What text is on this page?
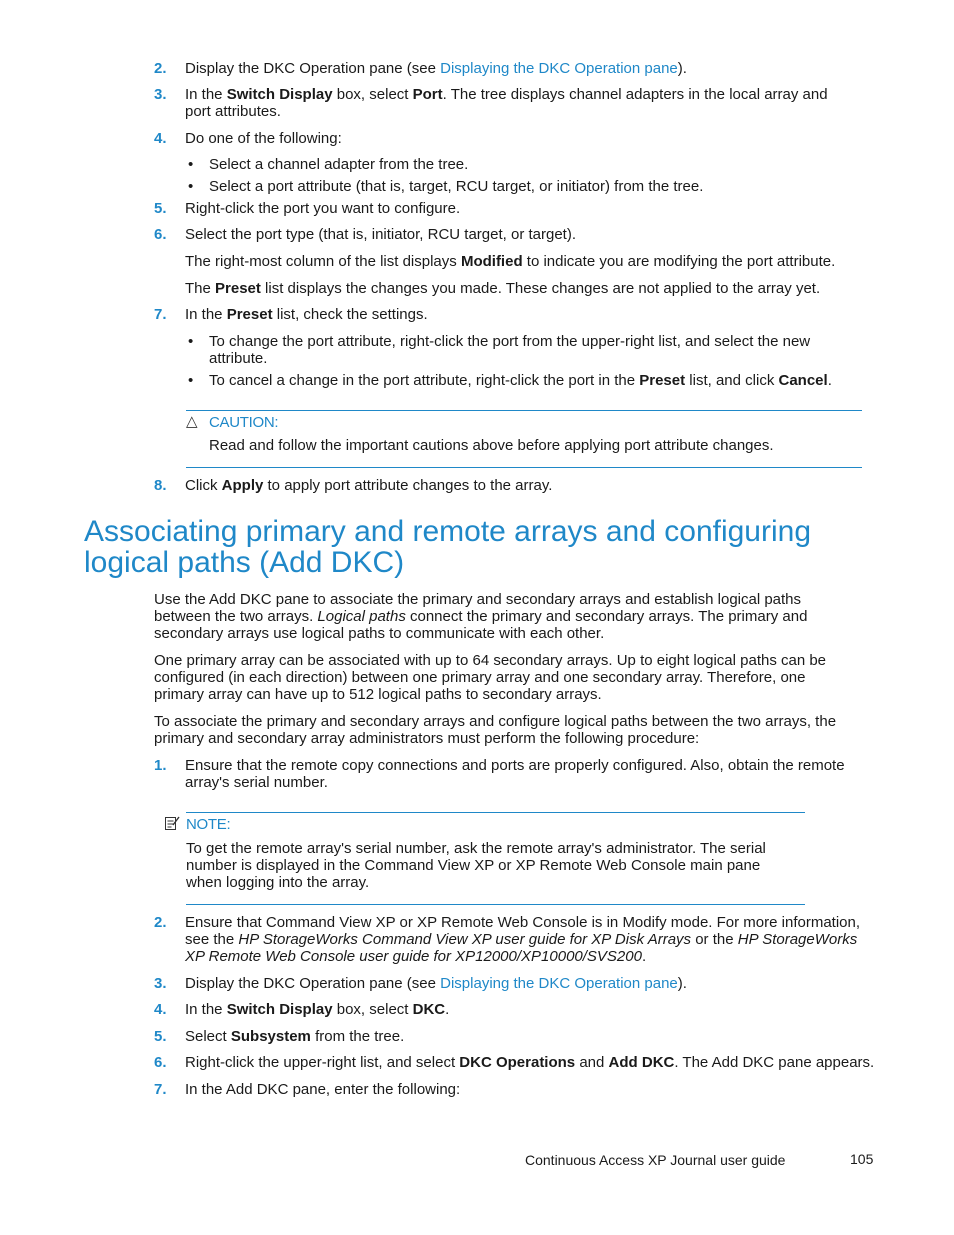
2. Display the DKC Operation pane (see Displaying the DKC Operation pane).
3. In the Switch Display box, select Port. The tree displays channel adapters in the local array and port attributes.
4. Do one of the following:
• Select a channel adapter from the tree.
• Select a port attribute (that is, target, RCU target, or initiator) from the tree.
5. Right-click the port you want to configure.
6. Select the port type (that is, initiator, RCU target, or target).
The right-most column of the list displays Modified to indicate you are modifying the port attribute.
The Preset list displays the changes you made. These changes are not applied to the array yet.
7. In the Preset list, check the settings.
• To change the port attribute, right-click the port from the upper-right list, and select the new attribute.
• To cancel a change in the port attribute, right-click the port in the Preset list, and click Cancel.
△ CAUTION:
Read and follow the important cautions above before applying port attribute changes.
8. Click Apply to apply port attribute changes to the array.
Associating primary and remote arrays and configuring logical paths (Add DKC)
Use the Add DKC pane to associate the primary and secondary arrays and establish logical paths between the two arrays. Logical paths connect the primary and secondary arrays. The primary and secondary arrays use logical paths to communicate with each other.
One primary array can be associated with up to 64 secondary arrays. Up to eight logical paths can be configured (in each direction) between one primary array and one secondary array. Therefore, one primary array can have up to 512 logical paths to secondary arrays.
To associate the primary and secondary arrays and configure logical paths between the two arrays, the primary and secondary array administrators must perform the following procedure:
1. Ensure that the remote copy connections and ports are properly configured. Also, obtain the remote array's serial number.
NOTE:
To get the remote array's serial number, ask the remote array's administrator. The serial number is displayed in the Command View XP or XP Remote Web Console main pane when logging into the array.
2. Ensure that Command View XP or XP Remote Web Console is in Modify mode. For more information, see the HP StorageWorks Command View XP user guide for XP Disk Arrays or the HP StorageWorks XP Remote Web Console user guide for XP12000/XP10000/SVS200.
3. Display the DKC Operation pane (see Displaying the DKC Operation pane).
4. In the Switch Display box, select DKC.
5. Select Subsystem from the tree.
6. Right-click the upper-right list, and select DKC Operations and Add DKC. The Add DKC pane appears.
7. In the Add DKC pane, enter the following:
Continuous Access XP Journal user guide	105
